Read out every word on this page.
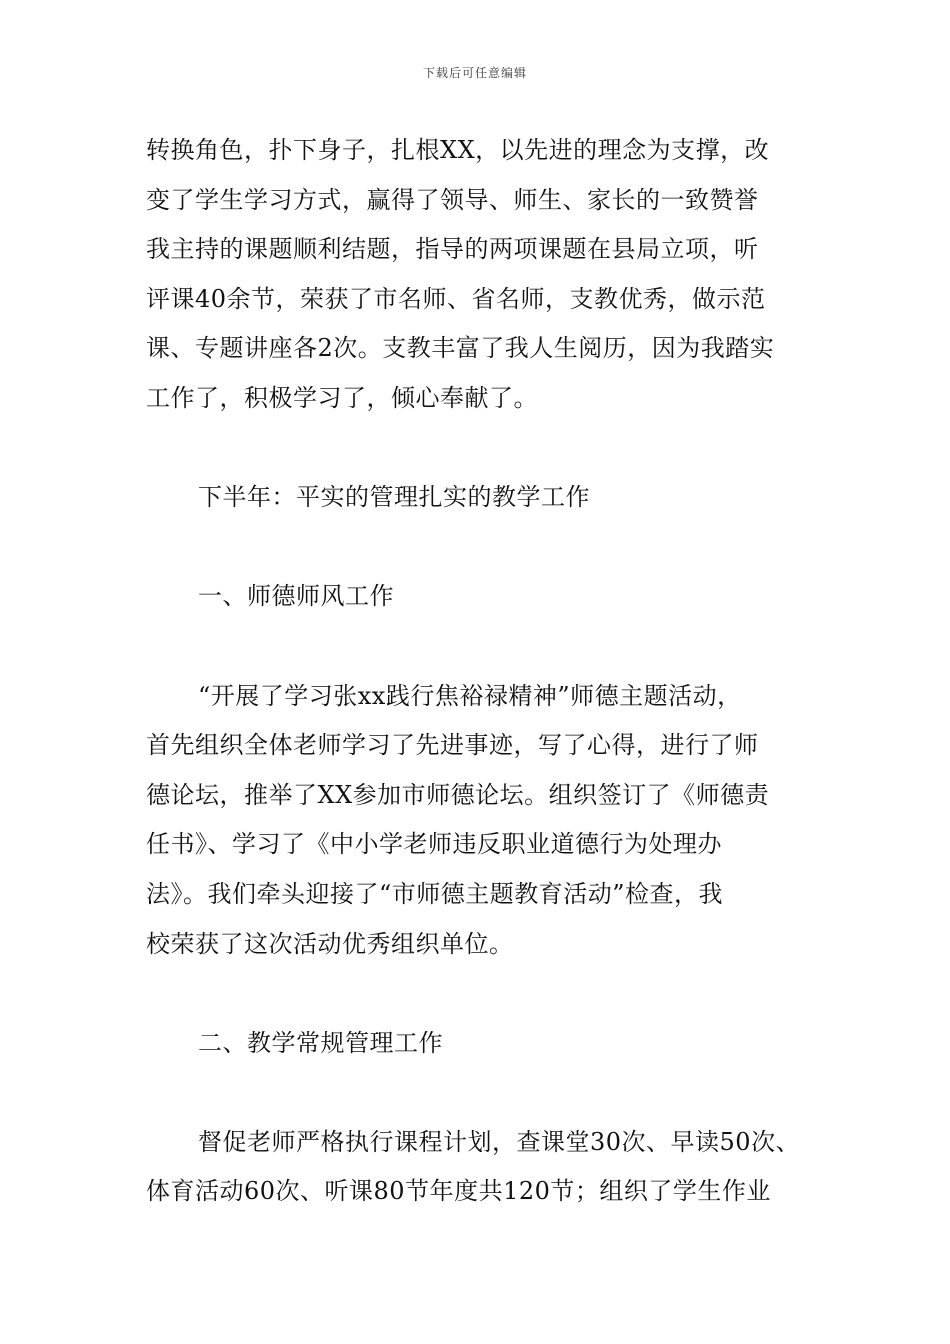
下载后可任意编辑
转换角色，扑下身子，扎根XX，以先进的理念为支撑，改
变了学生学习方式，赢得了领导、师生、家长的一致赞誉
我主持的课题顺利结题，指导的两项课题在县局立项，听
评课40余节，荣获了市名师、省名师，支教优秀，做示范
课、专题讲座各2次。支教丰富了我人生阅历，因为我踏实
工作了，积极学习了，倾心奉献了。
下半年：平实的管理扎实的教学工作
一、师德师风工作
“开展了学习张xx践行焦裕禄精神”师德主题活动，
首先组织全体老师学习了先进事迹，写了心得，进行了师
德论坛，推举了XX参加市师德论坛。组织签订了《师德责
任书》、学习了《中小学老师违反职业道德行为处理办
法》。我们牵头迎接了“市师德主题教育活动”检查，我
校荣获了这次活动优秀组织单位。
二、教学常规管理工作
督促老师严格执行课程计划，查课堂30次、早读50次、
体育活动60次、听课80节年度共120节；组织了学生作业
